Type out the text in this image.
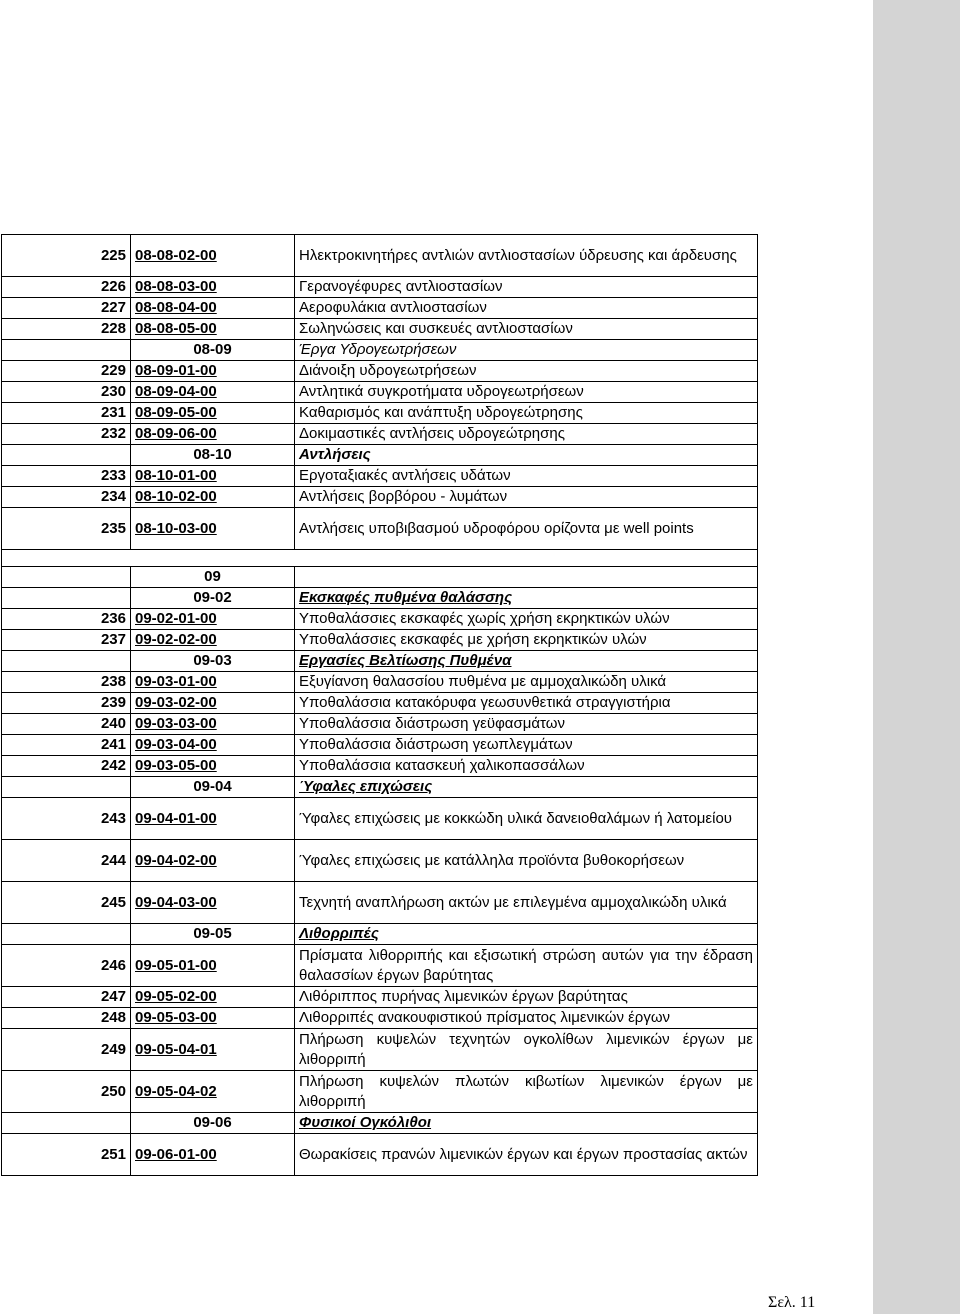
225	08-08-02-00	Ηλεκτροκινητήρες αντλιών αντλιοστασίων ύδρευσης και άρδευσης
226	08-08-03-00	Γερανογέφυρες αντλιοστασίων
227	08-08-04-00	Αεροφυλάκια αντλιοστασίων
228	08-08-05-00	Σωληνώσεις και συσκευές αντλιοστασίων
	08-09	Έργα Υδρογεωτρήσεων
229	08-09-01-00	Διάνοιξη υδρογεωτρήσεων
230	08-09-04-00	Αντλητικά συγκροτήματα υδρογεωτρήσεων
231	08-09-05-00	Καθαρισμός και ανάπτυξη υδρογεώτρησης
232	08-09-06-00	Δοκιμαστικές αντλήσεις υδρογεώτρησης
	08-10	Αντλήσεις
233	08-10-01-00	Εργοταξιακές αντλήσεις υδάτων
234	08-10-02-00	Αντλήσεις βορβόρου - λυμάτων
235	08-10-03-00	Αντλήσεις υποβιβασμού υδροφόρου ορίζοντα με well points

	09	
	09-02	Εκσκαφές πυθμένα θαλάσσης
236	09-02-01-00	Υποθαλάσσιες εκσκαφές χωρίς χρήση εκρηκτικών υλών
237	09-02-02-00	Υποθαλάσσιες εκσκαφές με χρήση εκρηκτικών υλών
	09-03	Εργασίες Βελτίωσης Πυθμένα
238	09-03-01-00	Εξυγίανση θαλασσίου πυθμένα με αμμοχαλικώδη υλικά
239	09-03-02-00	Υποθαλάσσια κατακόρυφα γεωσυνθετικά στραγγιστήρια
240	09-03-03-00	Υποθαλάσσια διάστρωση γεϋφασμάτων
241	09-03-04-00	Υποθαλάσσια διάστρωση γεωπλεγμάτων
242	09-03-05-00	Υποθαλάσσια κατασκευή χαλικοπασσάλων
	09-04	Ύφαλες επιχώσεις
243	09-04-01-00	Ύφαλες επιχώσεις με κοκκώδη υλικά δανειοθαλάμων ή λατομείου
244	09-04-02-00	Ύφαλες επιχώσεις με κατάλληλα προϊόντα βυθοκορήσεων
245	09-04-03-00	Τεχνητή αναπλήρωση ακτών με επιλεγμένα αμμοχαλικώδη υλικά
	09-05	Λιθορριπές
246	09-05-01-00	Πρίσματα λιθορριπής και εξισωτική στρώση αυτών για την έδραση θαλασσίων έργων βαρύτητας
247	09-05-02-00	Λιθόριππος πυρήνας λιμενικών έργων βαρύτητας
248	09-05-03-00	Λιθορριπές ανακουφιστικού πρίσματος λιμενικών έργων
249	09-05-04-01	Πλήρωση κυψελών τεχνητών ογκολίθων λιμενικών έργων με λιθορριπή
250	09-05-04-02	Πλήρωση κυψελών πλωτών κιβωτίων λιμενικών έργων με λιθορριπή
	09-06	Φυσικοί Ογκόλιθοι
251	09-06-01-00	Θωρακίσεις πρανών λιμενικών έργων και έργων προστασίας ακτών
Σελ. 11
